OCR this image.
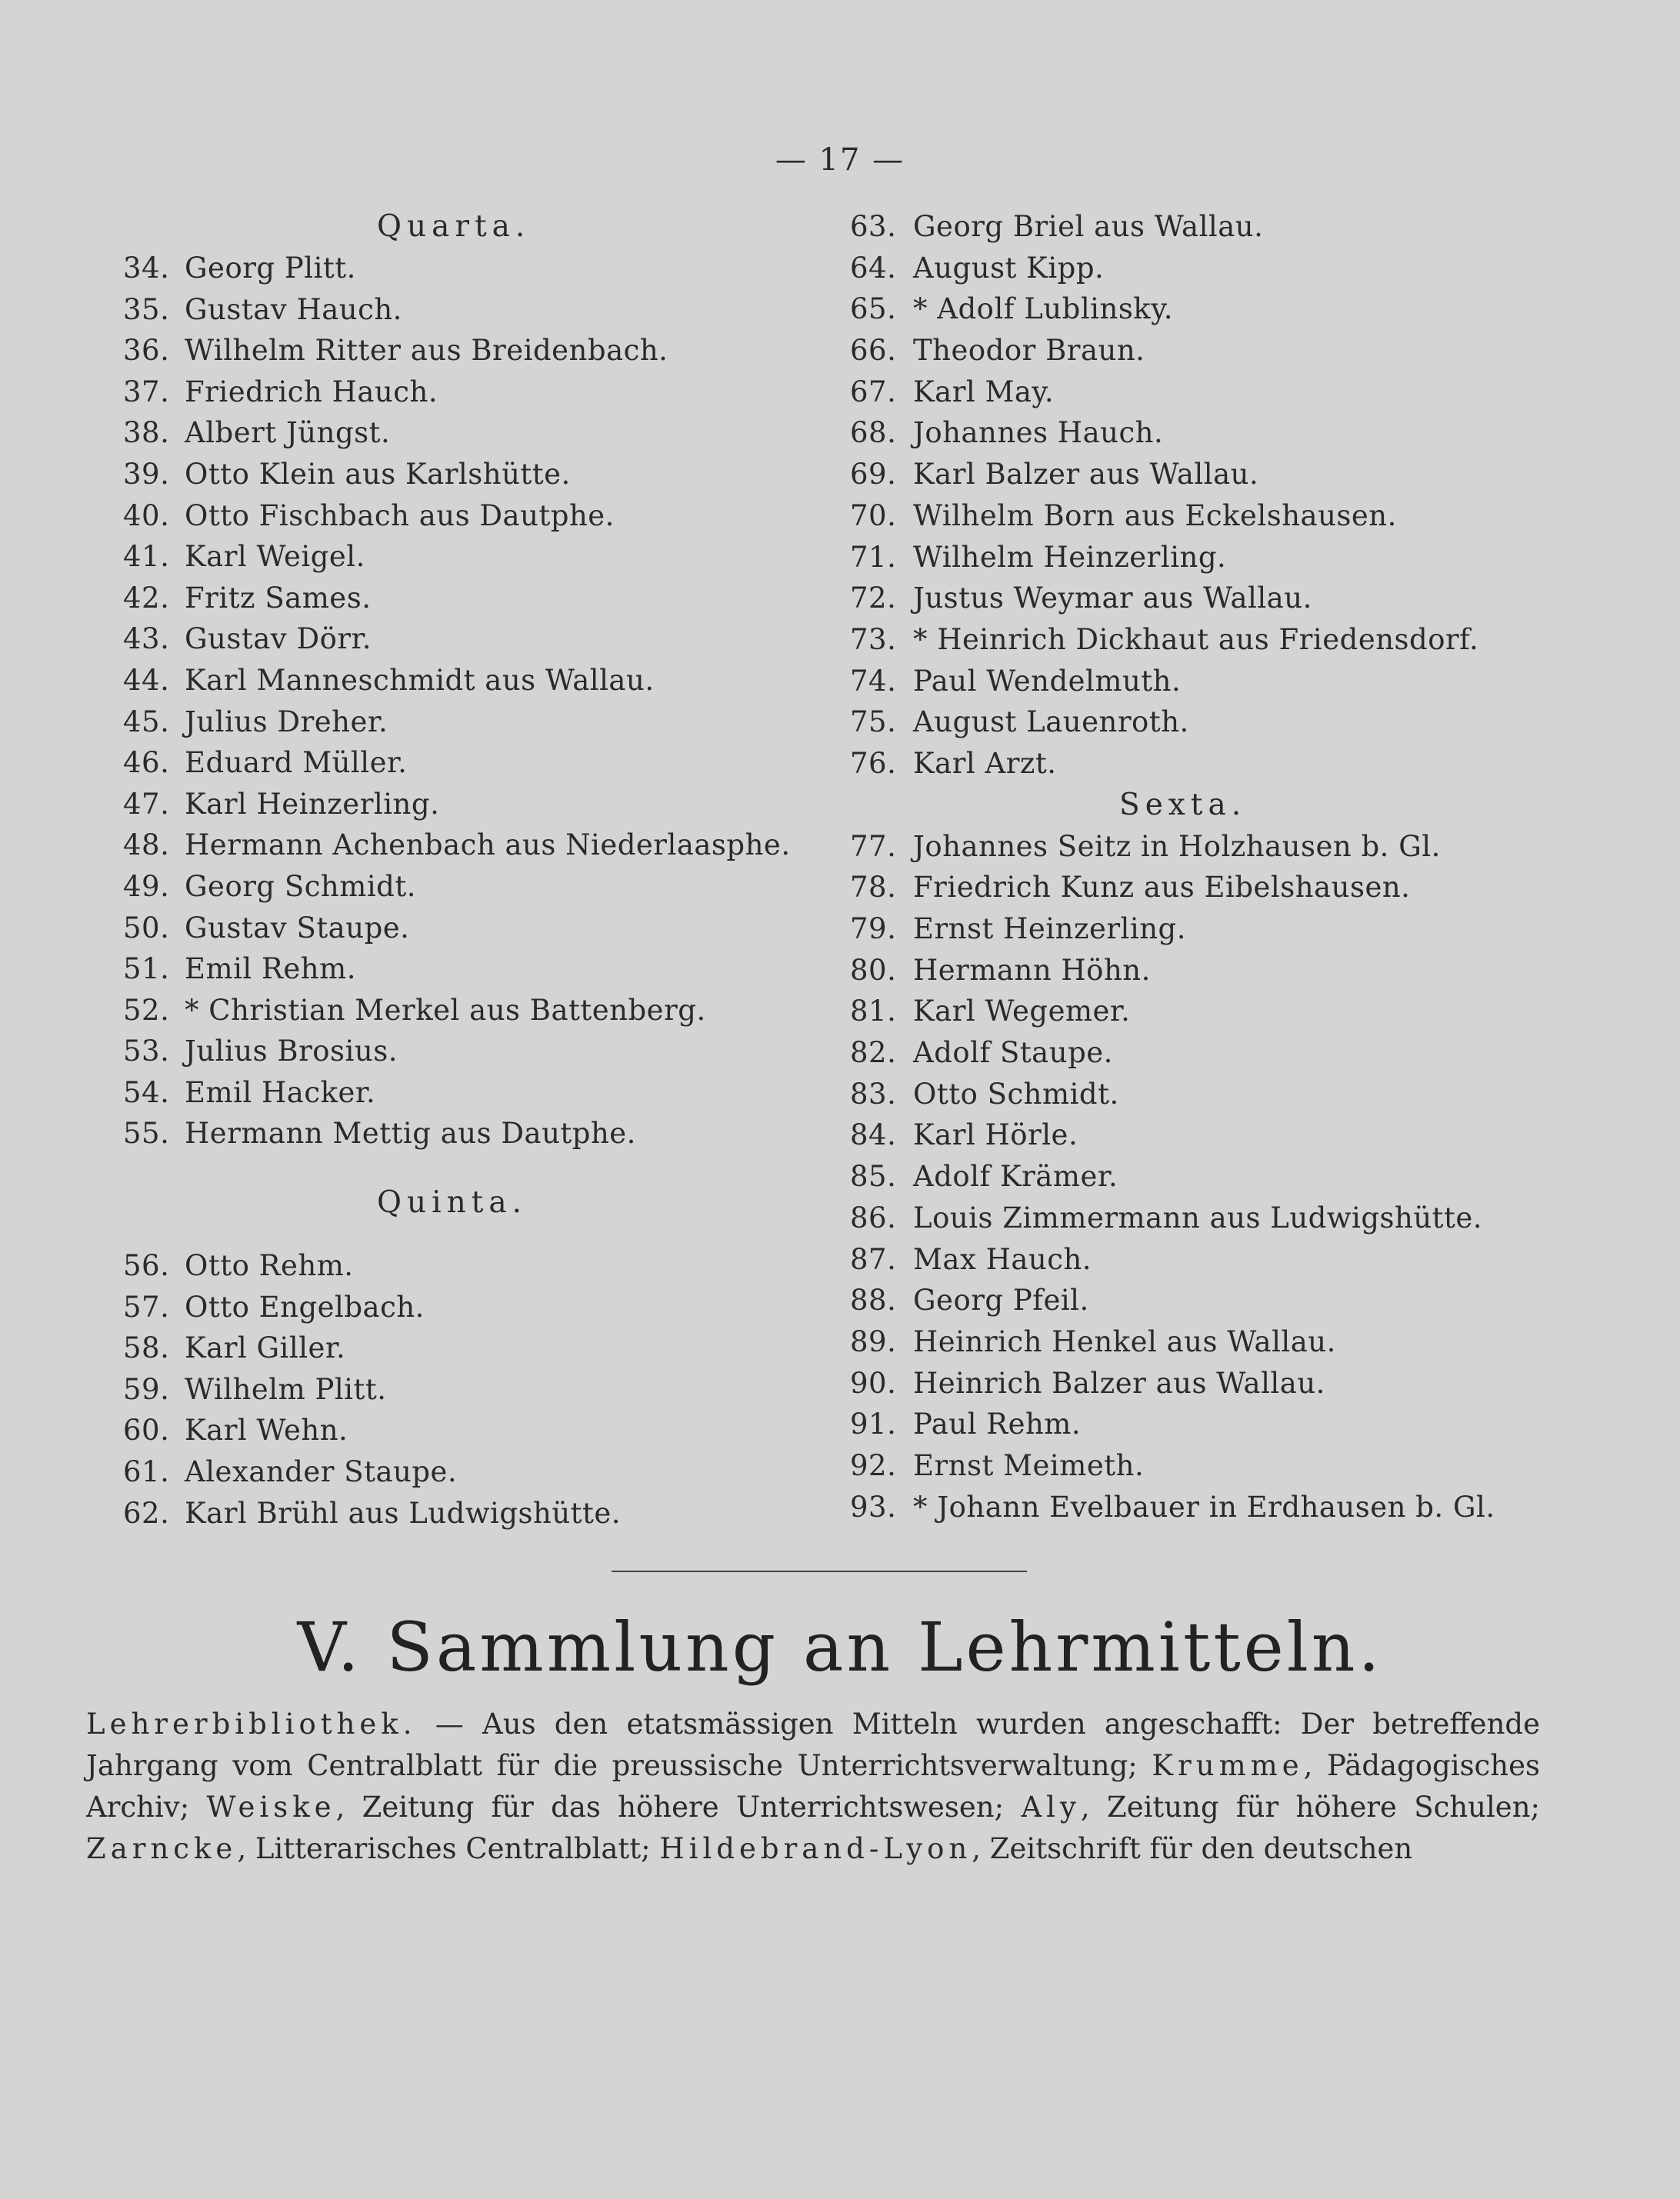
— 17 —
Quarta.
34. Georg Plitt.
35. Gustav Hauch.
36. Wilhelm Ritter aus Breidenbach.
37. Friedrich Hauch.
38. Albert Jüngst.
39. Otto Klein aus Karlshütte.
40. Otto Fischbach aus Dautphe.
41. Karl Weigel.
42. Fritz Sames.
43. Gustav Dörr.
44. Karl Manneschmidt aus Wallau.
45. Julius Dreher.
46. Eduard Müller.
47. Karl Heinzerling.
48. Hermann Achenbach aus Niederlaasphe.
49. Georg Schmidt.
50. Gustav Staupe.
51. Emil Rehm.
52. * Christian Merkel aus Battenberg.
53. Julius Brosius.
54. Emil Hacker.
55. Hermann Mettig aus Dautphe.
Quinta.
56. Otto Rehm.
57. Otto Engelbach.
58. Karl Giller.
59. Wilhelm Plitt.
60. Karl Wehn.
61. Alexander Staupe.
62. Karl Brühl aus Ludwigshütte.
63. Georg Briel aus Wallau.
64. August Kipp.
65. * Adolf Lublinsky.
66. Theodor Braun.
67. Karl May.
68. Johannes Hauch.
69. Karl Balzer aus Wallau.
70. Wilhelm Born aus Eckelshausen.
71. Wilhelm Heinzerling.
72. Justus Weymar aus Wallau.
73. * Heinrich Dickhaut aus Friedensdorf.
74. Paul Wendelmuth.
75. August Lauenroth.
76. Karl Arzt.
Sexta.
77. Johannes Seitz in Holzhausen b. Gl.
78. Friedrich Kunz aus Eibelshausen.
79. Ernst Heinzerling.
80. Hermann Höhn.
81. Karl Wegemer.
82. Adolf Staupe.
83. Otto Schmidt.
84. Karl Hörle.
85. Adolf Krämer.
86. Louis Zimmermann aus Ludwigshütte.
87. Max Hauch.
88. Georg Pfeil.
89. Heinrich Henkel aus Wallau.
90. Heinrich Balzer aus Wallau.
91. Paul Rehm.
92. Ernst Meimeth.
93. * Johann Evelbauer in Erdhausen b. Gl.
V. Sammlung an Lehrmitteln.
Lehrerbibliothek. — Aus den etatsmässigen Mitteln wurden angeschafft: Der betreffende Jahrgang vom Centralblatt für die preussische Unterrichtsverwaltung; Krumme, Pädagogisches Archiv; Weiske, Zeitung für das höhere Unterrichtswesen; Aly, Zeitung für höhere Schulen; Zarncke, Litterarisches Centralblatt; Hildebrand-Lyon, Zeitschrift für den deutschen
